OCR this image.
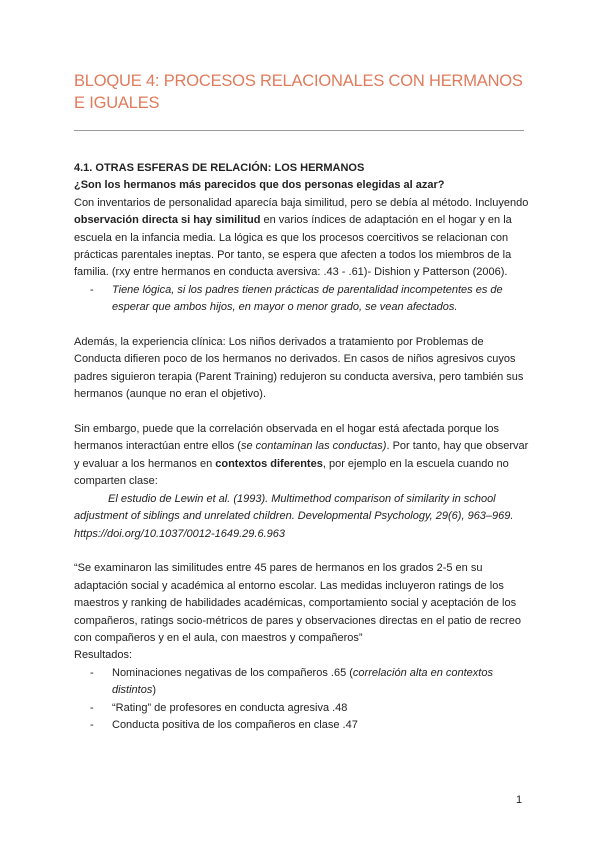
BLOQUE 4: PROCESOS RELACIONALES CON HERMANOS E IGUALES

4.1. OTRAS ESFERAS DE RELACIÓN: LOS HERMANOS

¿Son los hermanos más parecidos que dos personas elegidas al azar?

Con inventarios de personalidad aparecía baja similitud, pero se debía al método. Incluyendo observación directa si hay similitud en varios índices de adaptación en el hogar y en la escuela en la infancia media. La lógica es que los procesos coercitivos se relacionan con prácticas parentales ineptas. Por tanto, se espera que afecten a todos los miembros de la familia. (rxy entre hermanos en conducta aversiva: .43 - .61)- Dishion y Patterson (2006).

- Tiene lógica, si los padres tienen prácticas de parentalidad incompetentes es de esperar que ambos hijos, en mayor o menor grado, se vean afectados.

Además, la experiencia clínica: Los niños derivados a tratamiento por Problemas de Conducta difieren poco de los hermanos no derivados. En casos de niños agresivos cuyos padres siguieron terapia (Parent Training) redujeron su conducta aversiva, pero también sus hermanos (aunque no eran el objetivo).

Sin embargo, puede que la correlación observada en el hogar está afectada porque los hermanos interactúan entre ellos (se contaminan las conductas). Por tanto, hay que observar y evaluar a los hermanos en contextos diferentes, por ejemplo en la escuela cuando no comparten clase:

El estudio de Lewin et al. (1993). Multimethod comparison of similarity in school adjustment of siblings and unrelated children. Developmental Psychology, 29(6), 963–969. https://doi.org/10.1037/0012-1649.29.6.963

“Se examinaron las similitudes entre 45 pares de hermanos en los grados 2-5 en su adaptación social y académica al entorno escolar. Las medidas incluyeron ratings de los maestros y ranking de habilidades académicas, comportamiento social y aceptación de los compañeros, ratings socio-métricos de pares y observaciones directas en el patio de recreo con compañeros y en el aula, con maestros y compañeros”

Resultados:

- Nominaciones negativas de los compañeros .65 (correlación alta en contextos distintos)
- “Rating” de profesores en conducta agresiva .48
- Conducta positiva de los compañeros en clase .47
1
